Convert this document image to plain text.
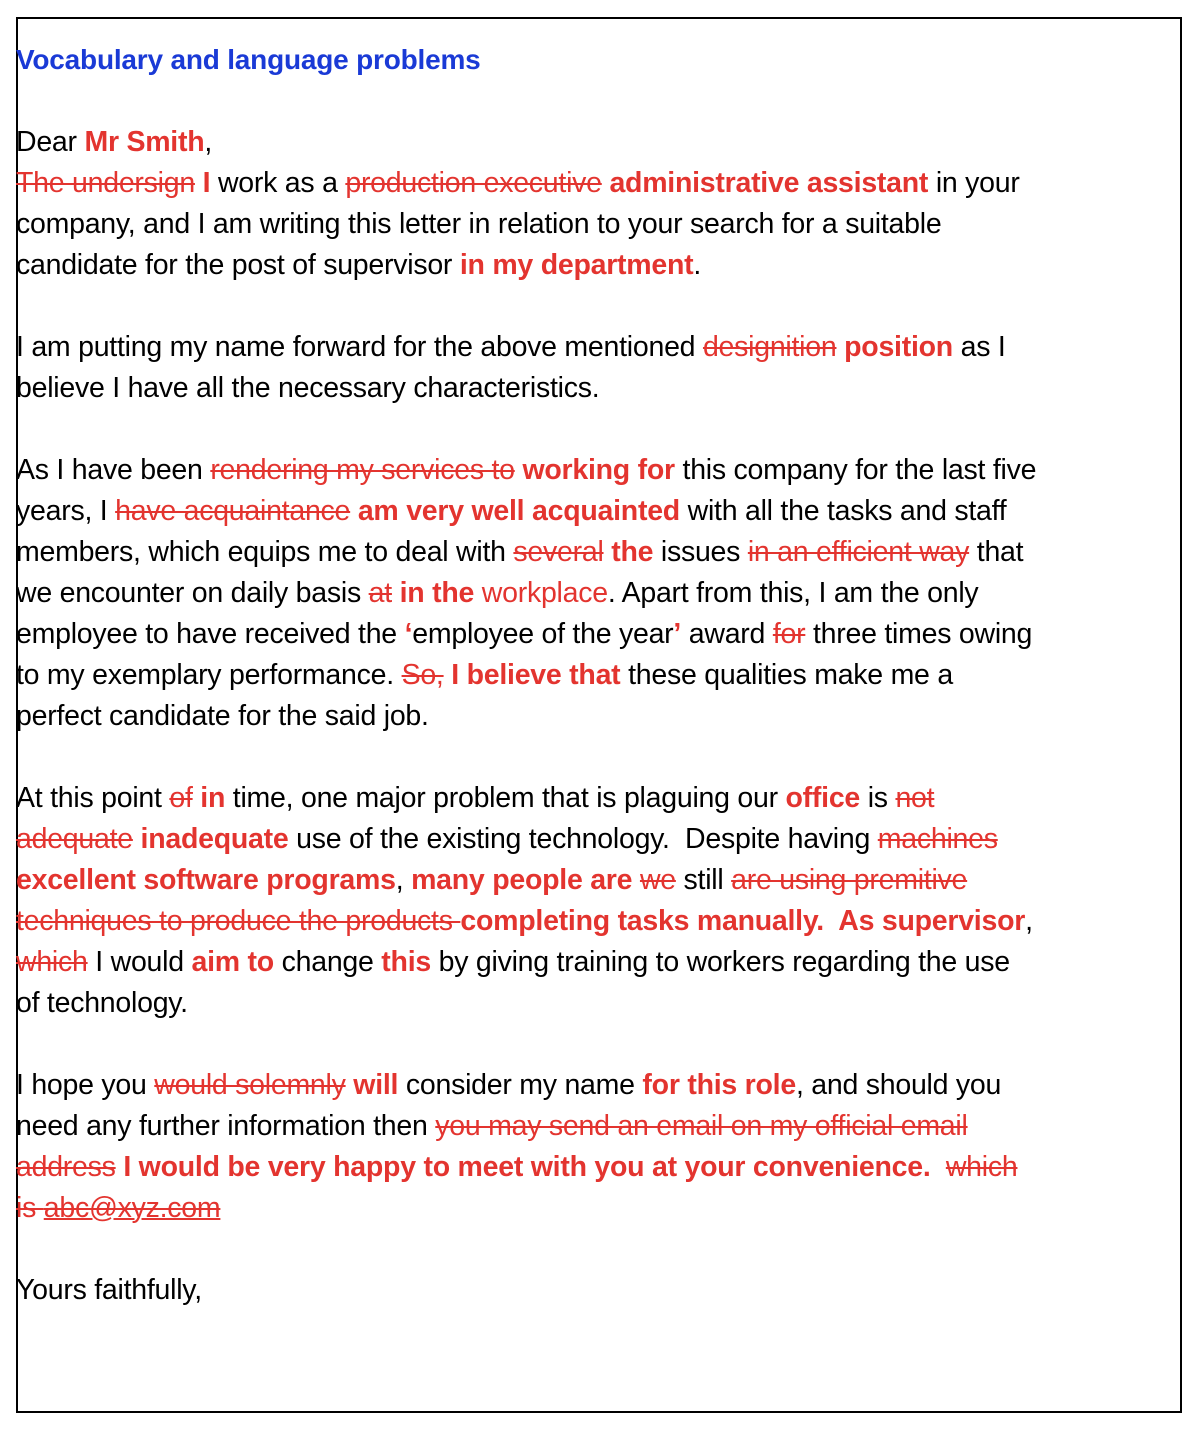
Vocabulary and language problems
Dear Mr Smith,
The undersign I work as a production executive administrative assistant in your
company, and I am writing this letter in relation to your search for a suitable
candidate for the post of supervisor in my department.
I am putting my name forward for the above mentioned designition position as I
believe I have all the necessary characteristics.
As I have been rendering my services to working for this company for the last five
years, I have acquaintance am very well acquainted with all the tasks and staff
members, which equips me to deal with several the issues in an efficient way that
we encounter on daily basis at in the workplace. Apart from this, I am the only
employee to have received the ‘employee of the year’ award for three times owing
to my exemplary performance. So, I believe that these qualities make me a
perfect candidate for the said job.
At this point of in time, one major problem that is plaguing our office is not
adequate inadequate use of the existing technology.  Despite having machines
excellent software programs, many people are we still are using premitive
techniques to produce the products completing tasks manually.  As supervisor,
which I would aim to change this by giving training to workers regarding the use
of technology.
I hope you would solemnly will consider my name for this role, and should you
need any further information then you may send an email on my official email
address I would be very happy to meet with you at your convenience. which
is abc@xyz.com
Yours faithfully,
